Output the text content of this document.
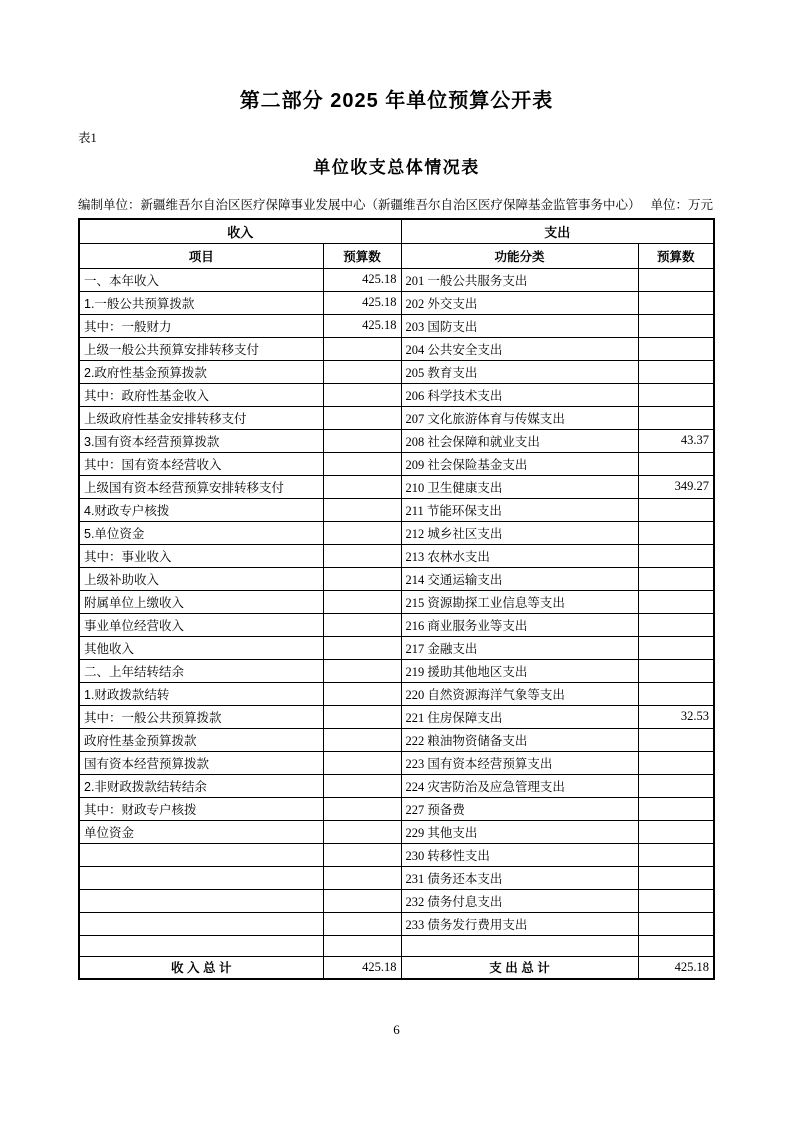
第二部分 2025 年单位预算公开表
表1
单位收支总体情况表
编制单位：新疆维吾尔自治区医疗保障事业发展中心（新疆维吾尔自治区医疗保障基金监管事务中心） 单位：万元
收入		支出	
项目	预算数	功能分类	预算数
一、本年收入	425.18	201 一般公共服务支出	
1.一般公共预算拨款	425.18	202 外交支出	
其中：一般财力	425.18	203 国防支出	
上级一般公共预算安排转移支付		204 公共安全支出	
2.政府性基金预算拨款		205 教育支出	
其中：政府性基金收入		206 科学技术支出	
上级政府性基金安排转移支付		207 文化旅游体育与传媒支出	
3.国有资本经营预算拨款		208 社会保障和就业支出	43.37
其中：国有资本经营收入		209 社会保险基金支出	
上级国有资本经营预算安排转移支付		210 卫生健康支出	349.27
4.财政专户核拨		211 节能环保支出	
5.单位资金		212 城乡社区支出	
其中：事业收入		213 农林水支出	
上级补助收入		214 交通运输支出	
附属单位上缴收入		215 资源勘探工业信息等支出	
事业单位经营收入		216 商业服务业等支出	
其他收入		217 金融支出	
二、上年结转结余		219 援助其他地区支出	
1.财政拨款结转		220 自然资源海洋气象等支出	
其中：一般公共预算拨款		221 住房保障支出	32.53
政府性基金预算拨款		222 粮油物资储备支出	
国有资本经营预算拨款		223 国有资本经营预算支出	
2.非财政拨款结转结余		224 灾害防治及应急管理支出	
其中：财政专户核拨		227 预备费	
单位资金		229 其他支出	
		230 转移性支出	
		231 债务还本支出	
		232 债务付息支出	
		233 债务发行费用支出	

收 入 总 计	425.18	支 出 总 计	425.18
6
